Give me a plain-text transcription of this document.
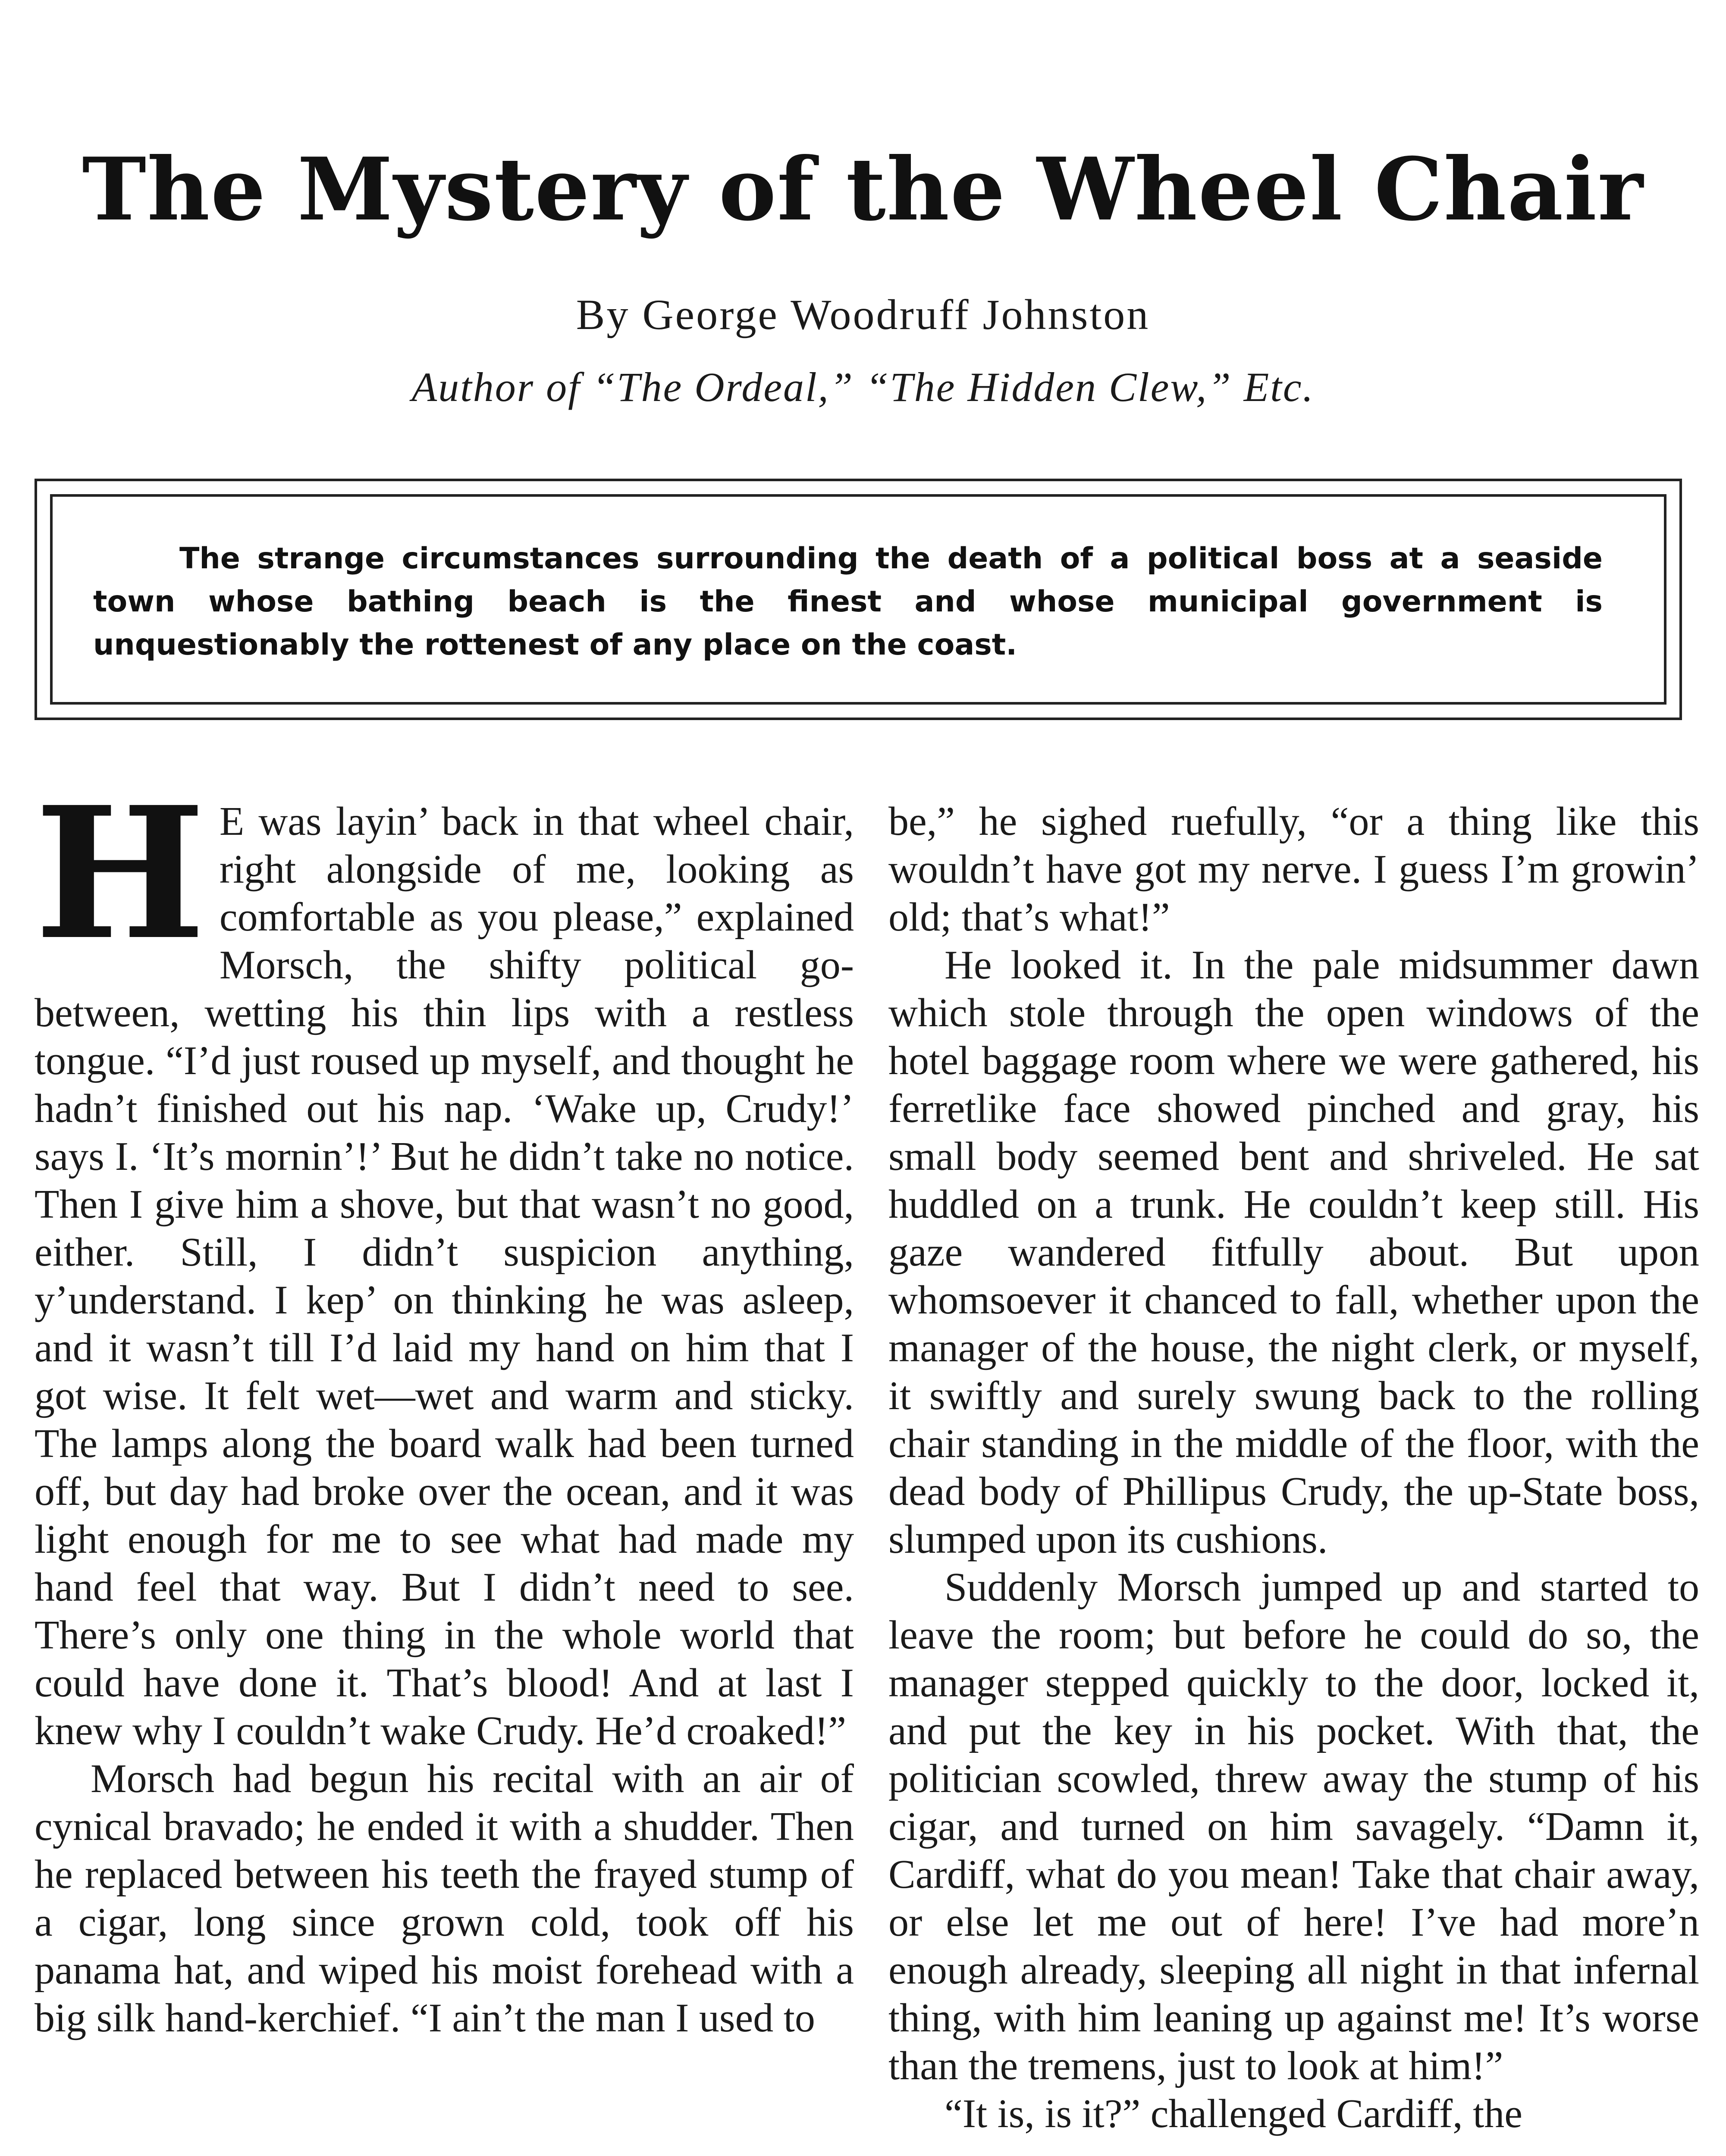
The Mystery of the Wheel Chair
By George Woodruff Johnston
Author of “The Ordeal,” “The Hidden Clew,” Etc.
The strange circumstances surrounding the death of a political boss at a seaside town whose bathing beach is the finest and whose municipal government is unquestionably the rottenest of any place on the coast.

H E was layin’ back in that wheel chair, right alongside of me, looking as comfortable as you please,” explained Morsch, the shifty political go-between, wetting his thin lips with a restless tongue. “I’d just roused up myself, and thought he hadn’t finished out his nap. ‘Wake up, Crudy!’ says I. ‘It’s mornin’!’ But he didn’t take no notice. Then I give him a shove, but that wasn’t no good, either. Still, I didn’t suspicion anything, y’understand. I kep’ on thinking he was asleep, and it wasn’t till I’d laid my hand on him that I got wise. It felt wet—wet and warm and sticky. The lamps along the board walk had been turned off, but day had broke over the ocean, and it was light enough for me to see what had made my hand feel that way. But I didn’t need to see. There’s only one thing in the whole world that could have done it. That’s blood! And at last I knew why I couldn’t wake Crudy. He’d croaked!”

Morsch had begun his recital with an air of cynical bravado; he ended it with a shudder. Then he replaced between his teeth the frayed stump of a cigar, long since grown cold, took off his panama hat, and wiped his moist forehead with a big silk hand-kerchief. “I ain’t the man I used to

be,” he sighed ruefully, “or a thing like this wouldn’t have got my nerve. I guess I’m growin’ old; that’s what!”

He looked it. In the pale midsummer dawn which stole through the open windows of the hotel baggage room where we were gathered, his ferretlike face showed pinched and gray, his small body seemed bent and shriveled. He sat huddled on a trunk. He couldn’t keep still. His gaze wandered fitfully about. But upon whomsoever it chanced to fall, whether upon the manager of the house, the night clerk, or myself, it swiftly and surely swung back to the rolling chair standing in the middle of the floor, with the dead body of Phillipus Crudy, the up-State boss, slumped upon its cushions.

Suddenly Morsch jumped up and started to leave the room; but before he could do so, the manager stepped quickly to the door, locked it, and put the key in his pocket. With that, the politician scowled, threw away the stump of his cigar, and turned on him savagely. “Damn it, Cardiff, what do you mean! Take that chair away, or else let me out of here! I’ve had more’n enough already, sleeping all night in that infernal thing, with him leaning up against me! It’s worse than the tremens, just to look at him!”

“It is, is it?” challenged Cardiff, the
